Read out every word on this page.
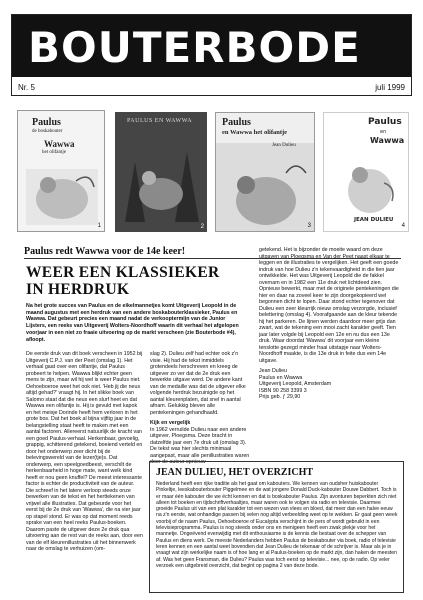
BOUTERBODE
Nr. 5	juli 1999
Paulus
de boskabouter
Wawwa
het olifantje
1
PAULUS EN WAWWA
2
Paulus
en Wawwa het olifantje
Jean Dulieu
3
Paulus
en
Wawwa
JEAN DULIEU
4
Paulus redt Wawwa voor de 14e keer!
WEER EEN KLASSIEKER IN HERDRUK
Na het grote succes van Paulus en de eikelmannetjes komt Uitgeverij Leopold in de maand augustus met een herdruk van een andere boskabouterklassieker, Paulus en Wawwa. Dat gebeurt precies een maand nadat de verkooptermijn van de Junior Lijsters, een reeks van Uitgeverij Wolters-Noordhoff waarin dit verhaal het afgelopen voorjaar in een niet zo fraaie uitvoering op de markt verscheen (zie Bouterbode #4), afloopt.

De eerste druk van dit boek verscheen in 1952 bij Uitgeverij C.P.J. van der Peet (omslag 1). Het verhaal gaat over een olifantje, dat Paulus probeert te helpen. Wawwa blijkt echter geen mens te zijn, maar wil hij wel is weer Paulus niet. Oehoeboeroe weet het ook niet. 'Heb jij die neus altijd gehad?' vraagt hij. In het slikke boek van Salomo staat dat die neus een slurf heet en dat Wawwa een olifantje is. Hij is gevuld met kapok en het meisje Dorinde heeft hem verloren in het grote bos. Dat het boek al bijna vijftig jaar in de belangstelling staat heeft te maken met een aantal factoren. Allereerst natuurlijk de kracht van een goed Paulus-verhaal. Herkenbaar, gevoelig, grappig, schitterend getekend, boeiend verteld en door het onderwerp zeer dicht bij de belevingswereld van de lezer(tje)s. Dat onderwerp, een speelgoedbeest, verschilt de herkenbaarheid in hoge mate, want welk kind heeft er nou geen knuffel? De meest interessante factor is echter de productiviteit van de auteur. Die schreef in het latere verloop steeds onze bewerken van de tekst en het herttekenen van vrijwel alle illustraties. Dat gebeurde voor het eerst bij de 2e druk van 'Wawwa', die na vier jaar op stapel stond. Er was op dat moment reeds sprake van een heel reeks Paulus-boeken. Daarom paste de uitgever deze 2e druk qua uitvoering aan de rest van de reeks aan, door een van de elf kleurenillustraties uit het binnenwerk naar de omslag te verhuizen (om-

slag 2). Dulieu zelf had echter ook z'n visie. Hij had de tekst inmiddels grotendeels herschreven en kreeg de uitgever zo ver dat de 2e druk een bewerkte uitgave werd. De andere kant van de medaille was dat de uitgever elke volgende herdruk bezuinigde op het aantal kleurenplaten, dat snel in aantal afnam. Gelukkig bleven alle pentekeningen gehandhaafd.

Kijk en vergelijk

In 1962 verruilde Dulieu naar een andere uitgever, Ploegsma. Deze bracht in datzelfde jaar een 7e druk uit (omslag 3). De tekst was hier slechts minimaal aangepast, maar alle penillustraties waren door de auteur opnieuw

getekend. Het is bijzonder de moeite waard om deze uitgaven van Ploegsma en Van der Peet naast elkaar te leggen en de illustraties te vergelijken. Het geeft een goede indruk van hoe Dulieu z'n tekenvaardigheid in die tien jaar ontwikkelde. Het was Uitgeverij Leopold die de fakkel overnam en in 1982 een 11e druk net lichtdeed zien. Opnieuw bewerkt, maar met de originele pentekeningen die hier en daar na zoveel keer te zijn doorgekopieerd wel begonnen dicht te lopen. Daar stond echter tegenover dat Dulieu een zeer kleurrijk nieuw omslag verzorgde, inclusief belettering (omslag 4). Voorafgaande aan de kleur tekende hij het parkeren. De lijnen werden daardoor meer grijs dan zwart, wat de tekening een mooi zacht karakter geeft. Tien jaar later volgde bij Leopold een 12e en nu dus een 13e druk. Waar doordat 'Wawwa' dit voorjaar een kleine tenslotte gezegd minder fraai uitstapje naar Wolters-Noordhoff maakte, is die 13e druk in feite dus een 14e uitgave.

Jean Dulieu

Paulus en Wawwa

Uitgeverij Leopold, Amsterdam

ISBN 90 258 3399 3

Prijs geb. ƒ 29,90

JEAN DULIEU, HET OVERZICHT
Nederland heeft een rijke traditie als het gaat om kabouters. We kennen van oudsher huiskabouter Pinkeltje, leeskabouterbouter Piggelmee en de wat jongere Donald Duck-kabouter Douwe Dabbert. Toch is er maar één kabouter die we écht kennen en dat is boskabouter Paulus. Zijn avonturen beperkten zich niet alleen tot boeken en tijdschriftverhaaltjes, maar waren ook te volgen via radio en televisie. Daarmee groeide Paulus uit van een plat karakter tot een wezen van vlees en bloed, dat meer dan een halve eeuw na z'n eerste, wat onhandige passen bij velen nog altijd verbeelding weet op te wekken. Er gaat geen week voorbij of de naam Paulus, Oehoeboeroe of Eucalypta verschijnt in de pers of wordt gebruikt in een televisieprogramma. Paulus is nog steeds onder ons en menigeen heeft een zwak plekje voor het mannetje. Ongeëvend evenwijdig met dit enthousiasme is de kennis die bestaat over de schepper van Paulus en diens werk. De meeste Nederlanders hebben Paulus de boskabouter via boek, radio of televisie leren kennen en een aantal weet bovendien dat Jean Dulieu de tekenaar of de schrijver is. Maar als je in vraagt wat zijn werkelijke naam is of hoe lang er al Paulus-boeken op de markt zijn, dan haken de meesten af. Was het geen Fransman, die Dulieu? Paulus was toch eerst op televisie... nee, op de radio. Op veler verzoek een uitgebreid overzicht, dat begint op pagina 2 van deze bode.
